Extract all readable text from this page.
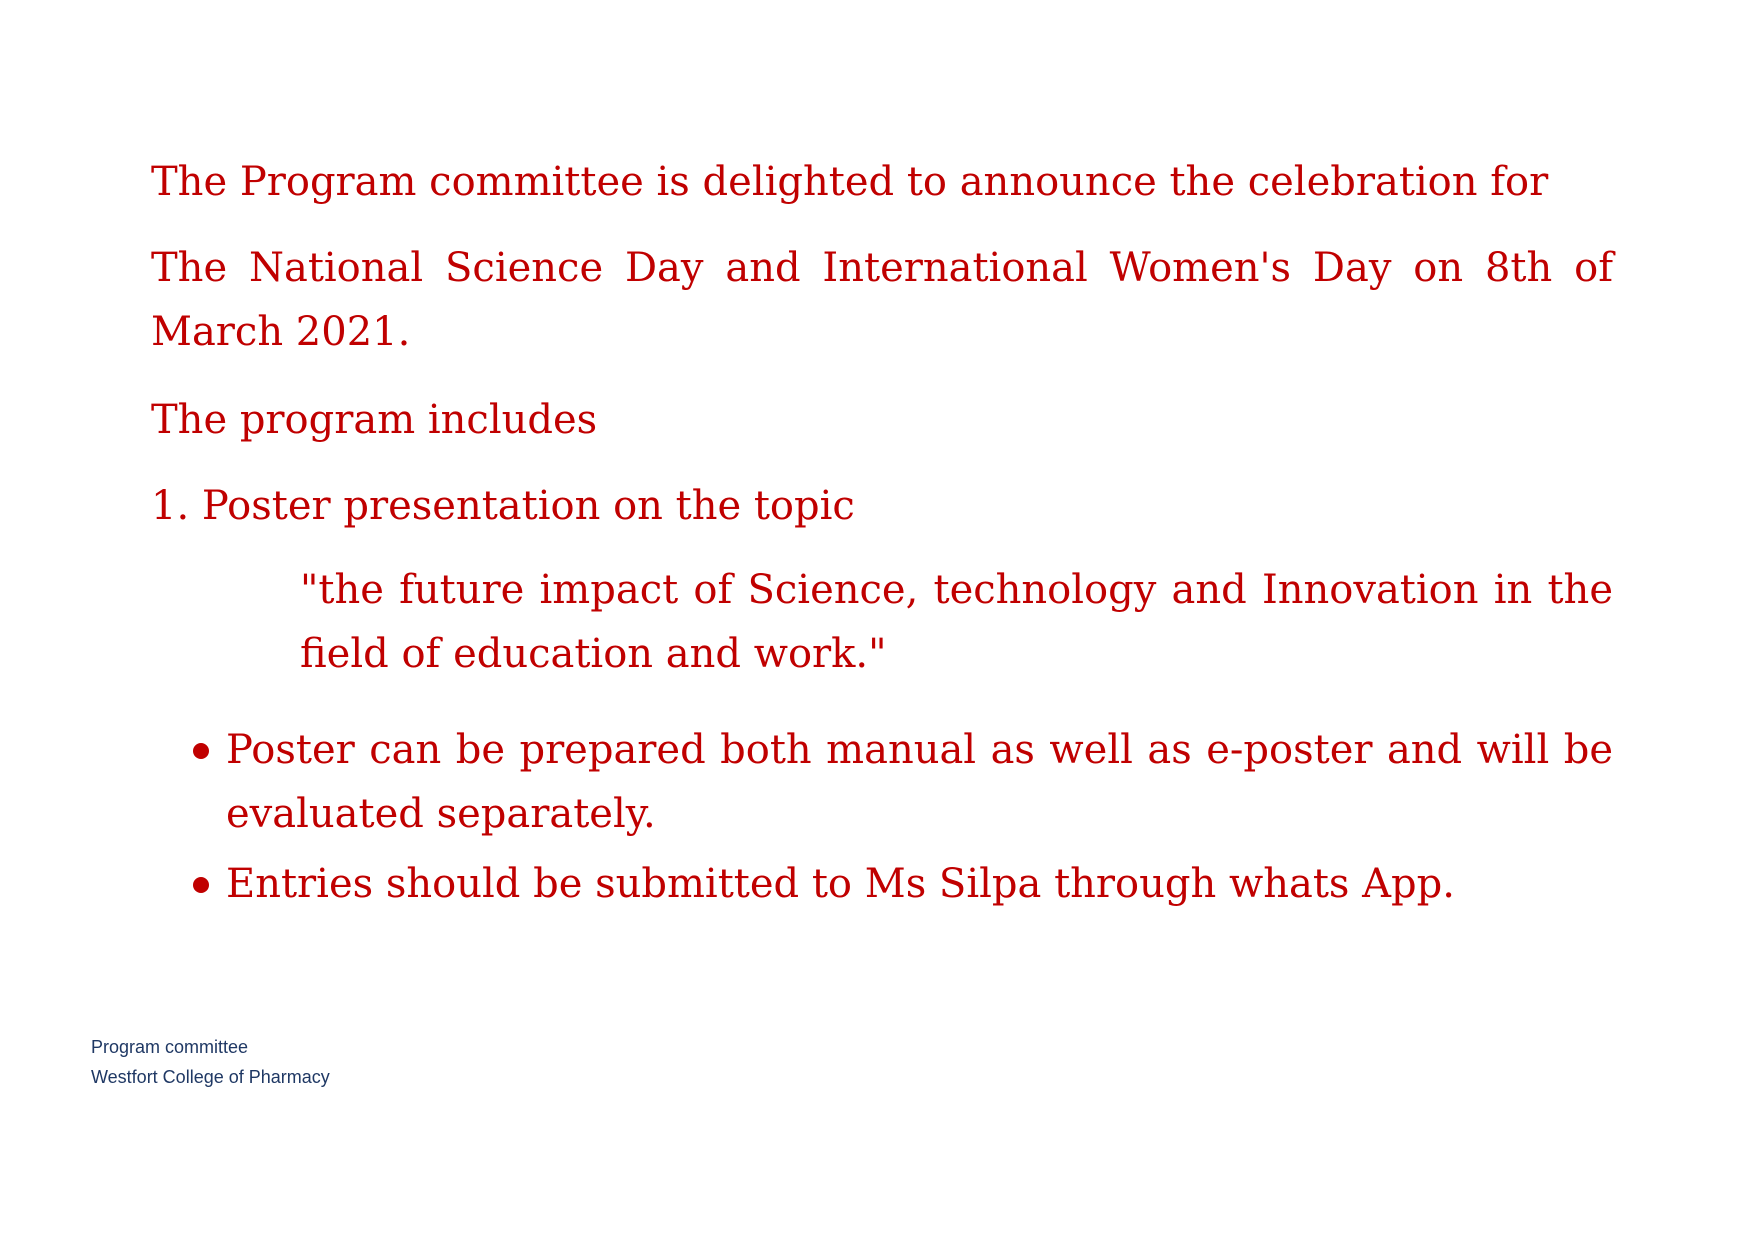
The Program committee is delighted to announce the celebration for

The National Science Day and International Women's Day on 8th of March 2021.

The program includes

1. Poster presentation on the topic

"the future impact of Science, technology and Innovation in the field of education and work."

Poster can be prepared both manual as well as e-poster and will be evaluated separately.
Entries should be submitted to Ms Silpa through whats App.
Program committee
Westfort College of Pharmacy
